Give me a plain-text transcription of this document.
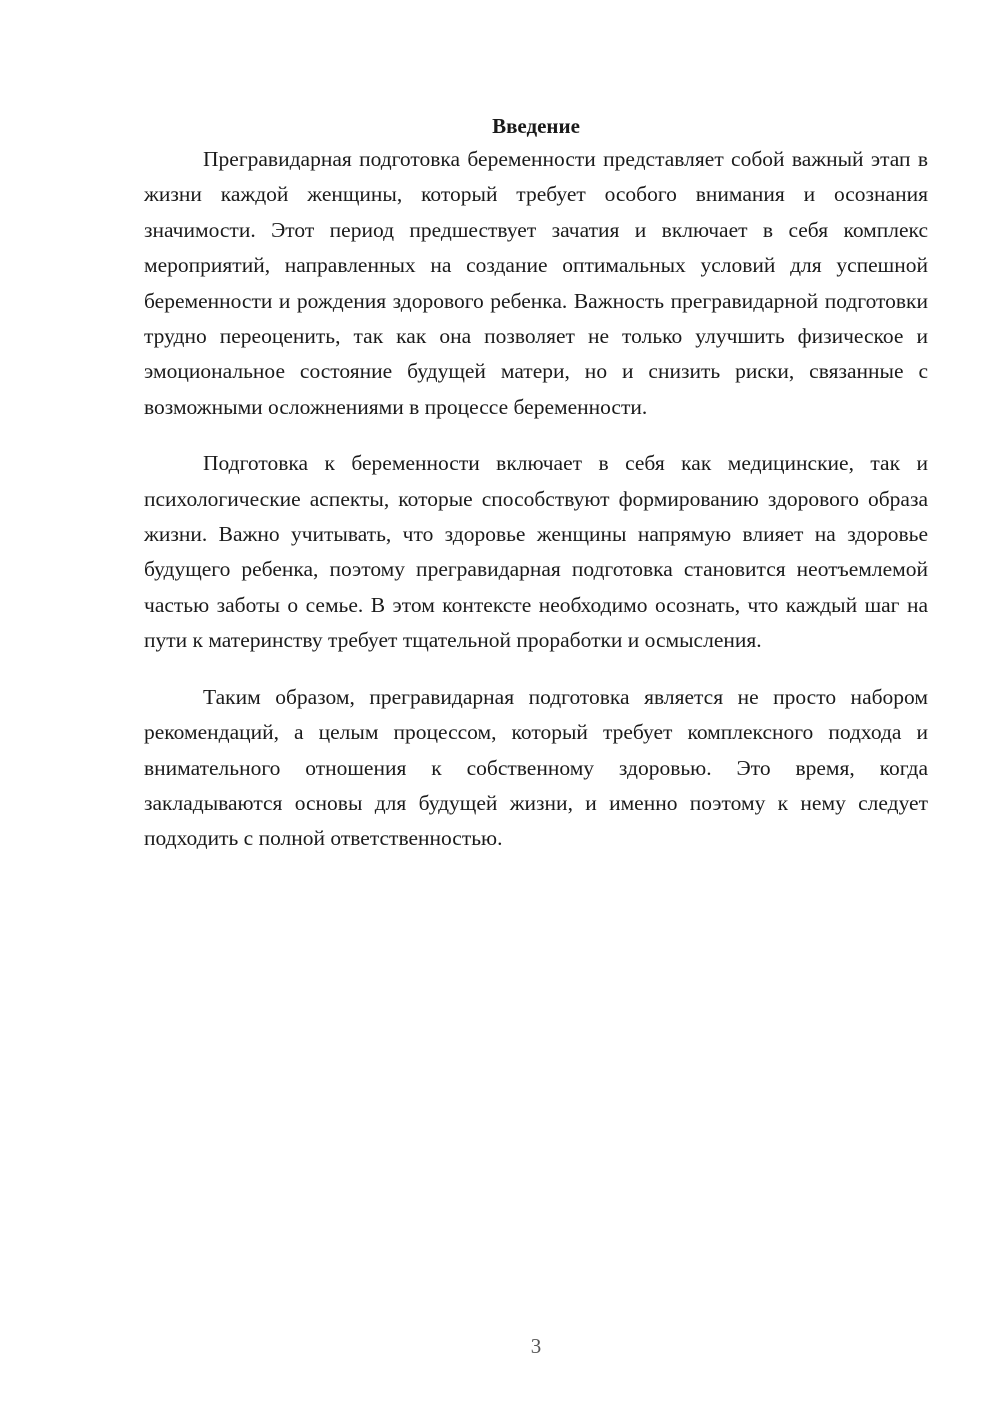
Введение

Прегравидарная подготовка беременности представляет собой важный этап в жизни каждой женщины, который требует особого внимания и осознания значимости. Этот период предшествует зачатия и включает в себя комплекс мероприятий, направленных на создание оптимальных условий для успешной беременности и рождения здорового ребенка. Важность прегравидарной подготовки трудно переоценить, так как она позволяет не только улучшить физическое и эмоциональное состояние будущей матери, но и снизить риски, связанные с возможными осложнениями в процессе беременности.

Подготовка к беременности включает в себя как медицинские, так и психологические аспекты, которые способствуют формированию здорового образа жизни. Важно учитывать, что здоровье женщины напрямую влияет на здоровье будущего ребенка, поэтому прегравидарная подготовка становится неотъемлемой частью заботы о семье. В этом контексте необходимо осознать, что каждый шаг на пути к материнству требует тщательной проработки и осмысления.

Таким образом, прегравидарная подготовка является не просто набором рекомендаций, а целым процессом, который требует комплексного подхода и внимательного отношения к собственному здоровью. Это время, когда закладываются основы для будущей жизни, и именно поэтому к нему следует подходить с полной ответственностью.

3
